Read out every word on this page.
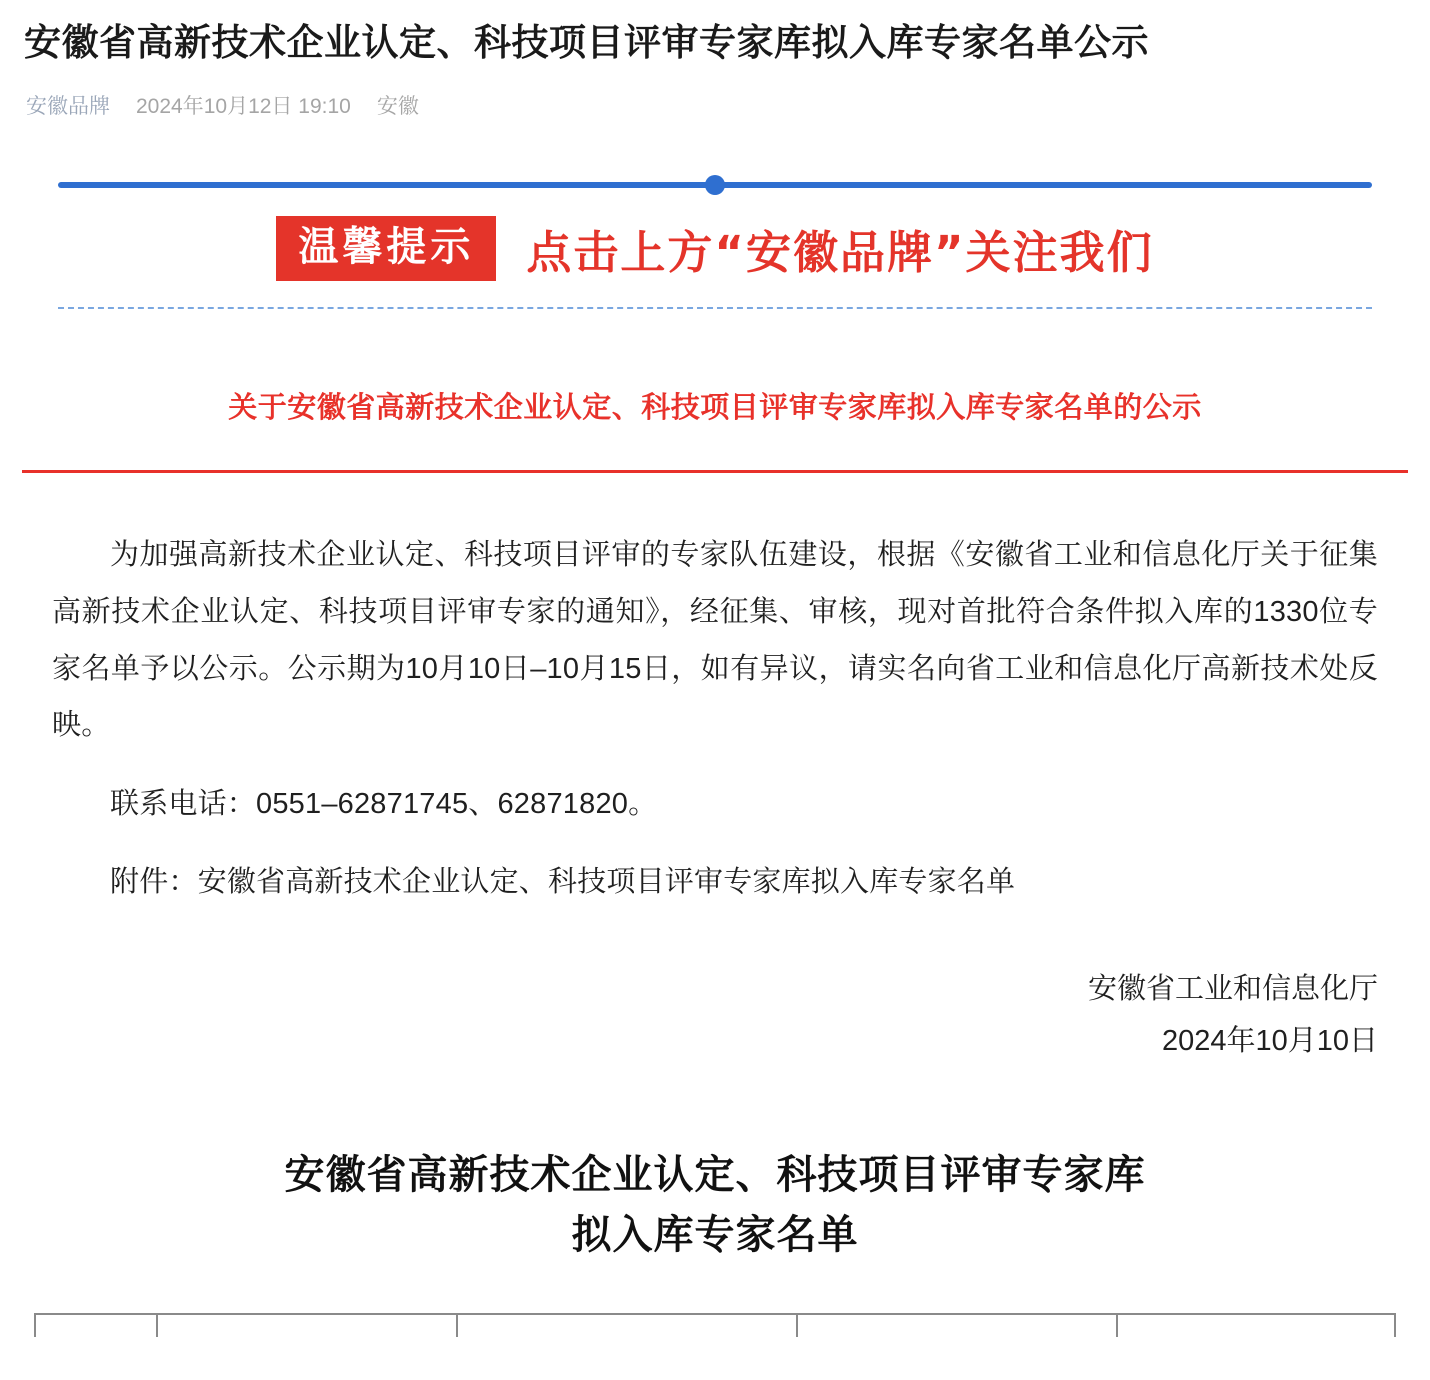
安徽省高新技术企业认定、科技项目评审专家库拟入库专家名单公示
安徽品牌 2024年10月12日 19:10 安徽
温馨提示	点击上方“安徽品牌”关注我们
关于安徽省高新技术企业认定、科技项目评审专家库拟入库专家名单的公示

为加强高新技术企业认定、科技项目评审的专家队伍建设，根据《安徽省工业和信息化厅关于征集高新技术企业认定、科技项目评审专家的通知》，经征集、审核，现对首批符合条件拟入库的1330位专家名单予以公示。公示期为10月10日–10月15日，如有异议，请实名向省工业和信息化厅高新技术处反映。

联系电话：0551–62871745、62871820。

附件：安徽省高新技术企业认定、科技项目评审专家库拟入库专家名单

安徽省工业和信息化厅
2024年10月10日
安徽省高新技术企业认定、科技项目评审专家库
拟入库专家名单
